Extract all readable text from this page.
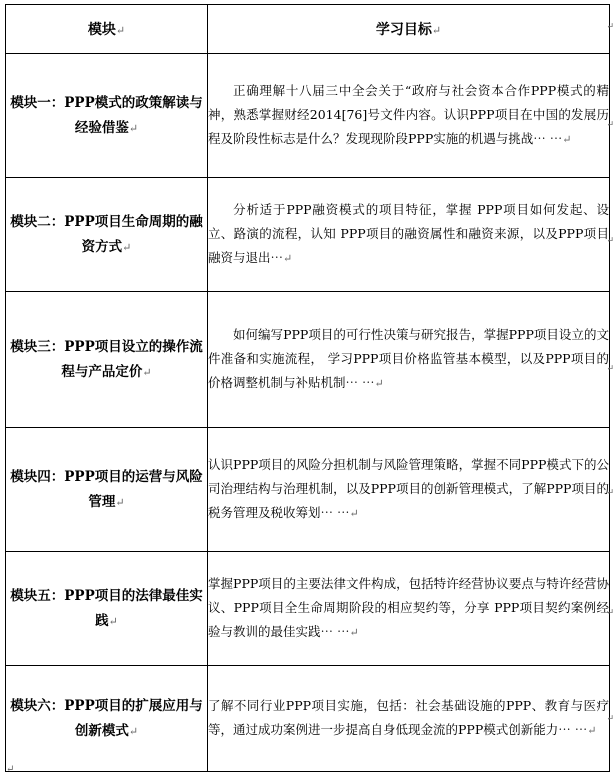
模块↵	学习目标↵
模块一：PPP模式的政策解读与经验借鉴↵	正确理解十八届三中全会关于“政府与社会资本合作PPP模式的精神，熟悉掌握财经2014[76]号文件内容。认识PPP项目在中国的发展历程及阶段性标志是什么？发现现阶段PPP实施的机遇与挑战⋯ ⋯↵
模块二：PPP项目生命周期的融资方式↵	分析适于PPP融资模式的项目特征，掌握 PPP项目如何发起、设立、路演的流程，认知 PPP项目的融资属性和融资来源，以及PPP项目融资与退出⋯↵
模块三：PPP项目设立的操作流程与产品定价↵	如何编写PPP项目的可行性决策与研究报告，掌握PPP项目设立的文件准备和实施流程， 学习PPP项目价格监管基本模型，以及PPP项目的价格调整机制与补贴机制⋯ ⋯↵
模块四：PPP项目的运营与风险管理↵	认识PPP项目的风险分担机制与风险管理策略，掌握不同PPP模式下的公司治理结构与治理机制，以及PPP项目的创新管理模式，了解PPP项目的税务管理及税收筹划⋯ ⋯↵
模块五：PPP项目的法律最佳实践↵	掌握PPP项目的主要法律文件构成，包括特许经营协议要点与特许经营协议、PPP项目全生命周期阶段的相应契约等，分享 PPP项目契约案例经验与教训的最佳实践⋯ ⋯↵
模块六：PPP项目的扩展应用与创新模式↵	了解不同行业PPP项目实施，包括：社会基础设施的PPP、教育与医疗等，通过成功案例进一步提高自身低现金流的PPP模式创新能力⋯ ⋯↵
↵
↵
↵
↵
↵
↵
↵
↵
